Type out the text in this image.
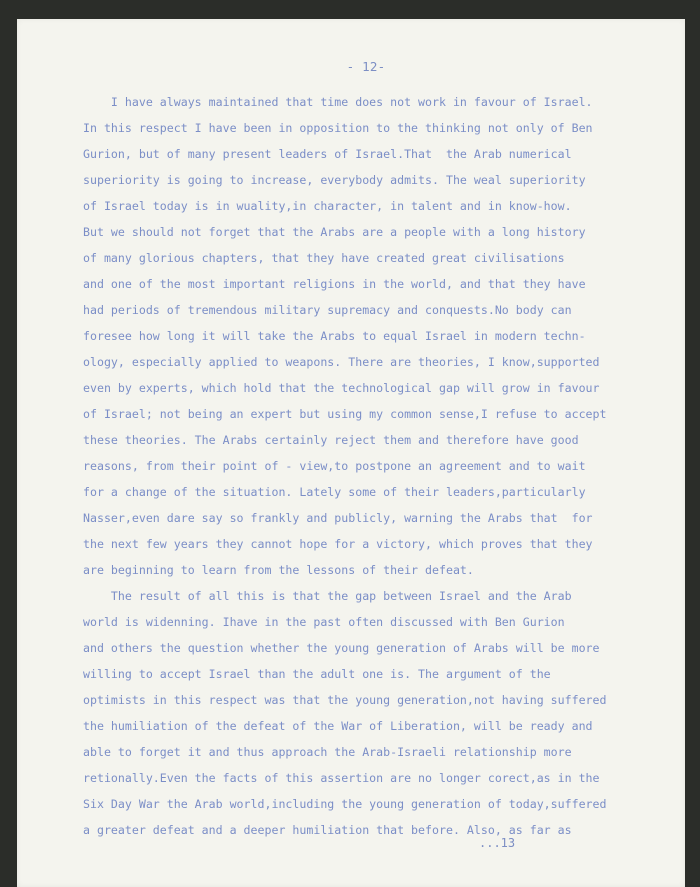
- 12-
I have always maintained that time does not work in favour of Israel.
In this respect I have been in opposition to the thinking not only of Ben
Gurion, but of many present leaders of Israel.That  the Arab numerical
superiority is going to increase, everybody admits. The weal superiority
of Israel today is in wuality,in character, in talent and in know-how.
But we should not forget that the Arabs are a people with a long history
of many glorious chapters, that they have created great civilisations
and one of the most important religions in the world, and that they have
had periods of tremendous military supremacy and conquests.No body can
foresee how long it will take the Arabs to equal Israel in modern techn-
ology, especially applied to weapons. There are theories, I know,supported
even by experts, which hold that the technological gap will grow in favour
of Israel; not being an expert but using my common sense,I refuse to accept
these theories. The Arabs certainly reject them and therefore have good
reasons, from their point of - view,to postpone an agreement and to wait
for a change of the situation. Lately some of their leaders,particularly
Nasser,even dare say so frankly and publicly, warning the Arabs that  for
the next few years they cannot hope for a victory, which proves that they
are beginning to learn from the lessons of their defeat.
The result of all this is that the gap between Israel and the Arab
world is widenning. Ihave in the past often discussed with Ben Gurion
and others the question whether the young generation of Arabs will be more
willing to accept Israel than the adult one is. The argument of the
optimists in this respect was that the young generation,not having suffered
the humiliation of the defeat of the War of Liberation, will be ready and
able to forget it and thus approach the Arab-Israeli relationship more
retionally.Even the facts of this assertion are no longer corect,as in the
Six Day War the Arab world,including the young generation of today,suffered
a greater defeat and a deeper humiliation that before. Also, as far as
...13
